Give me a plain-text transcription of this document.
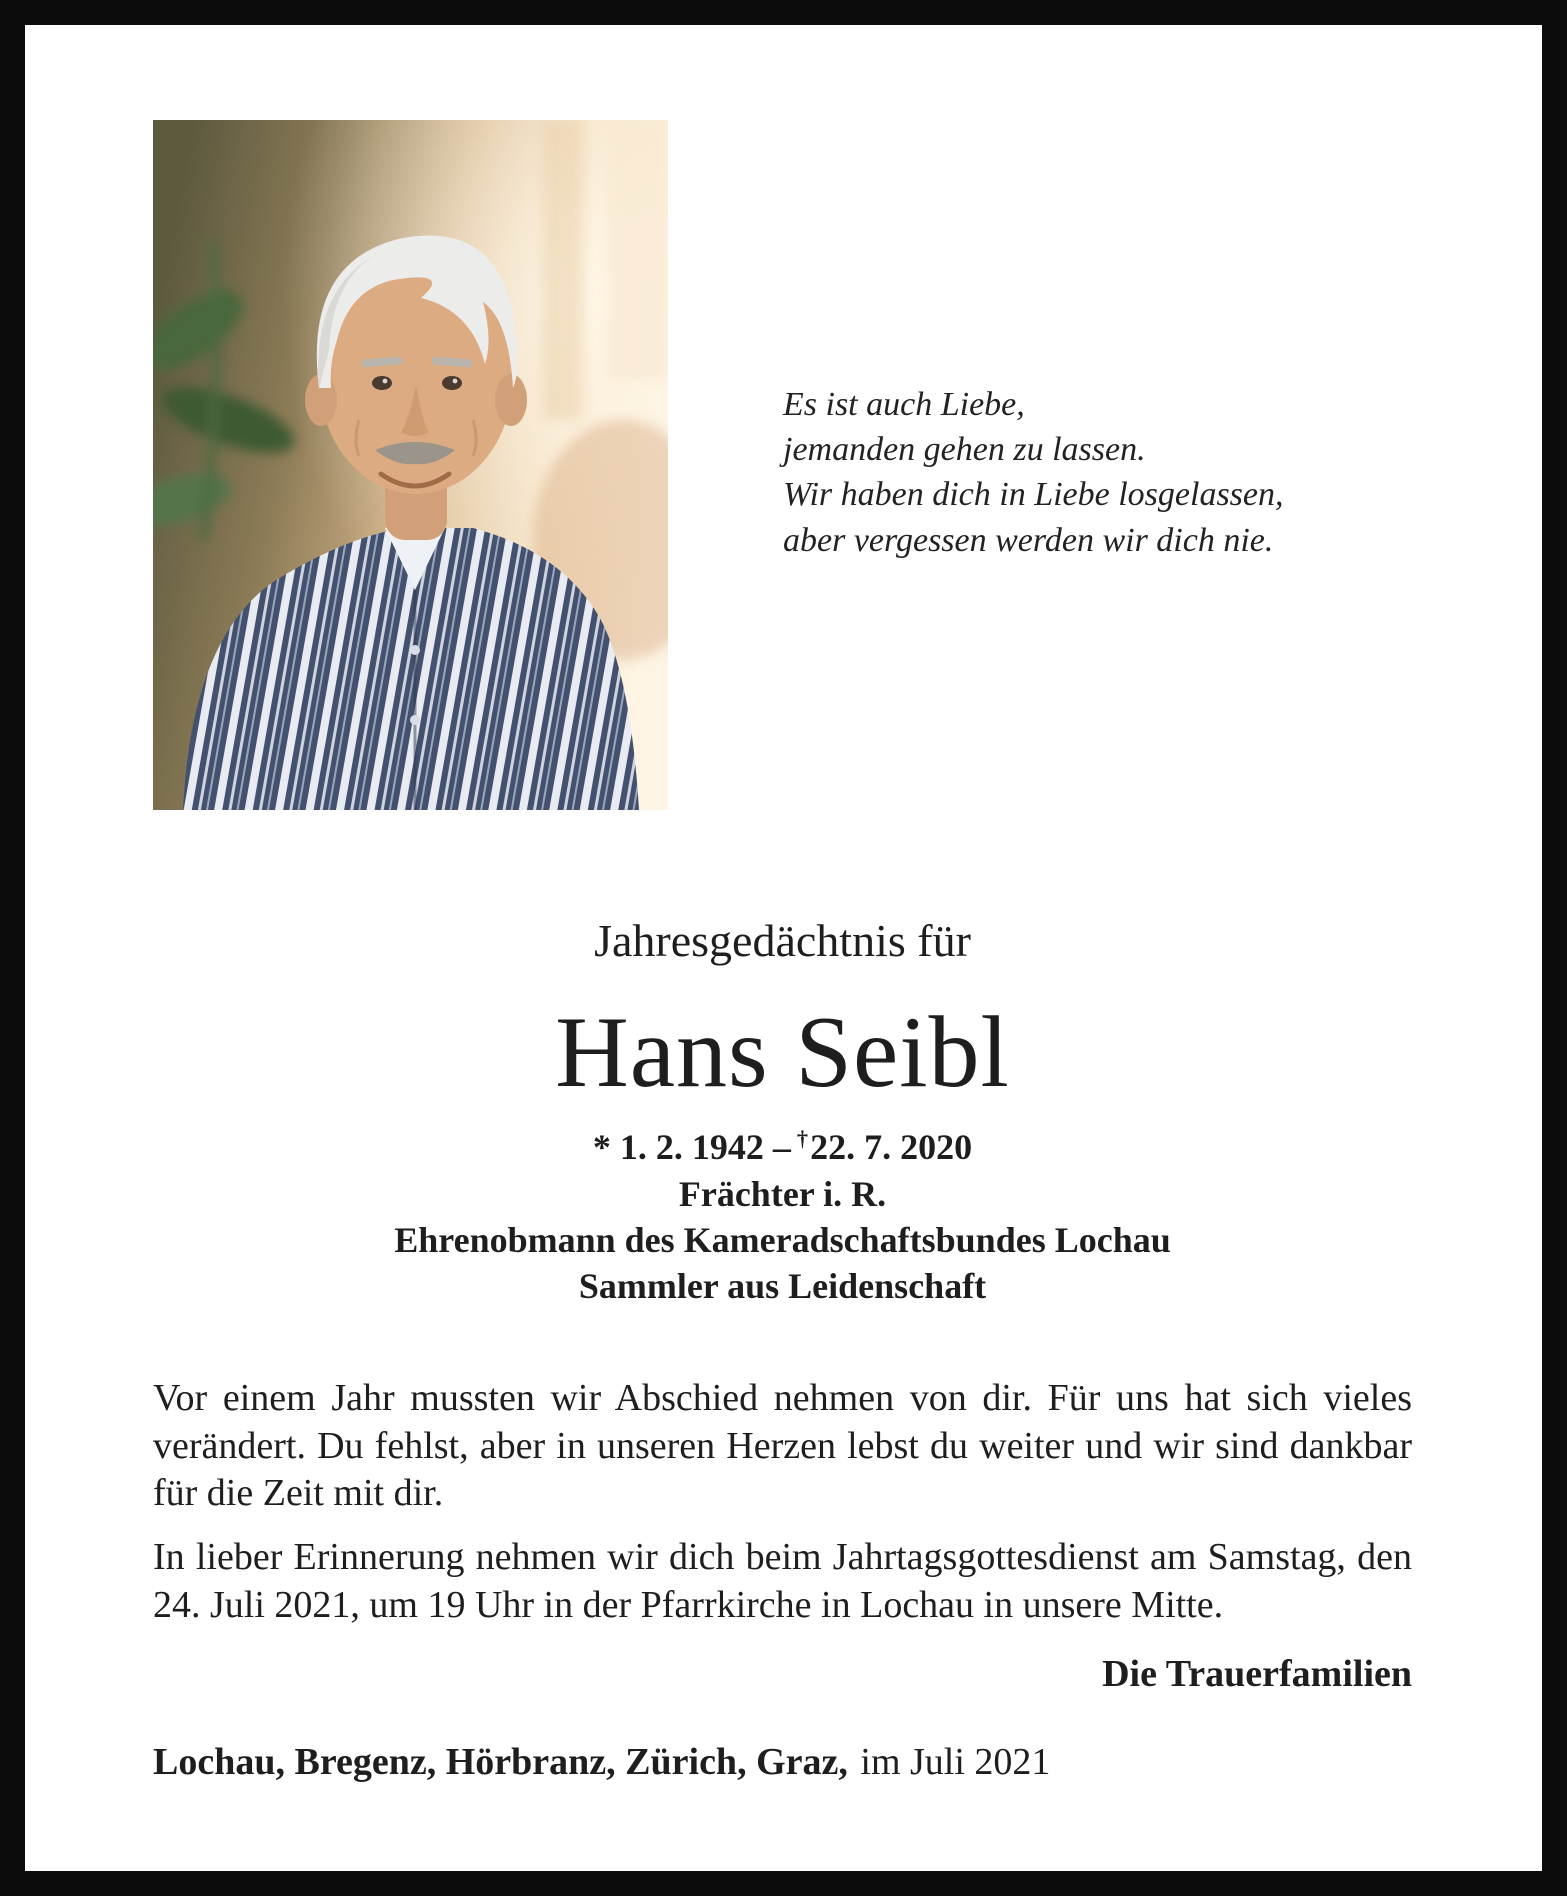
Es ist auch Liebe,
jemanden gehen zu lassen.
Wir haben dich in Liebe losgelassen,
aber vergessen werden wir dich nie.
Jahresgedächtnis für
Hans Seibl
* 1. 2. 1942 – †22. 7. 2020
Frächter i. R.
Ehrenobmann des Kameradschaftsbundes Lochau
Sammler aus Leidenschaft

Vor einem Jahr mussten wir Abschied nehmen von dir. Für uns hat sich vieles verändert. Du fehlst, aber in unseren Herzen lebst du weiter und wir sind dankbar für die Zeit mit dir.

In lieber Erinnerung nehmen wir dich beim Jahrtagsgottesdienst am Samstag, den 24. Juli 2021, um 19 Uhr in der Pfarrkirche in Lochau in unsere Mitte.

Die Trauerfamilien
Lochau, Bregenz, Hörbranz, Zürich, Graz, im Juli 2021
